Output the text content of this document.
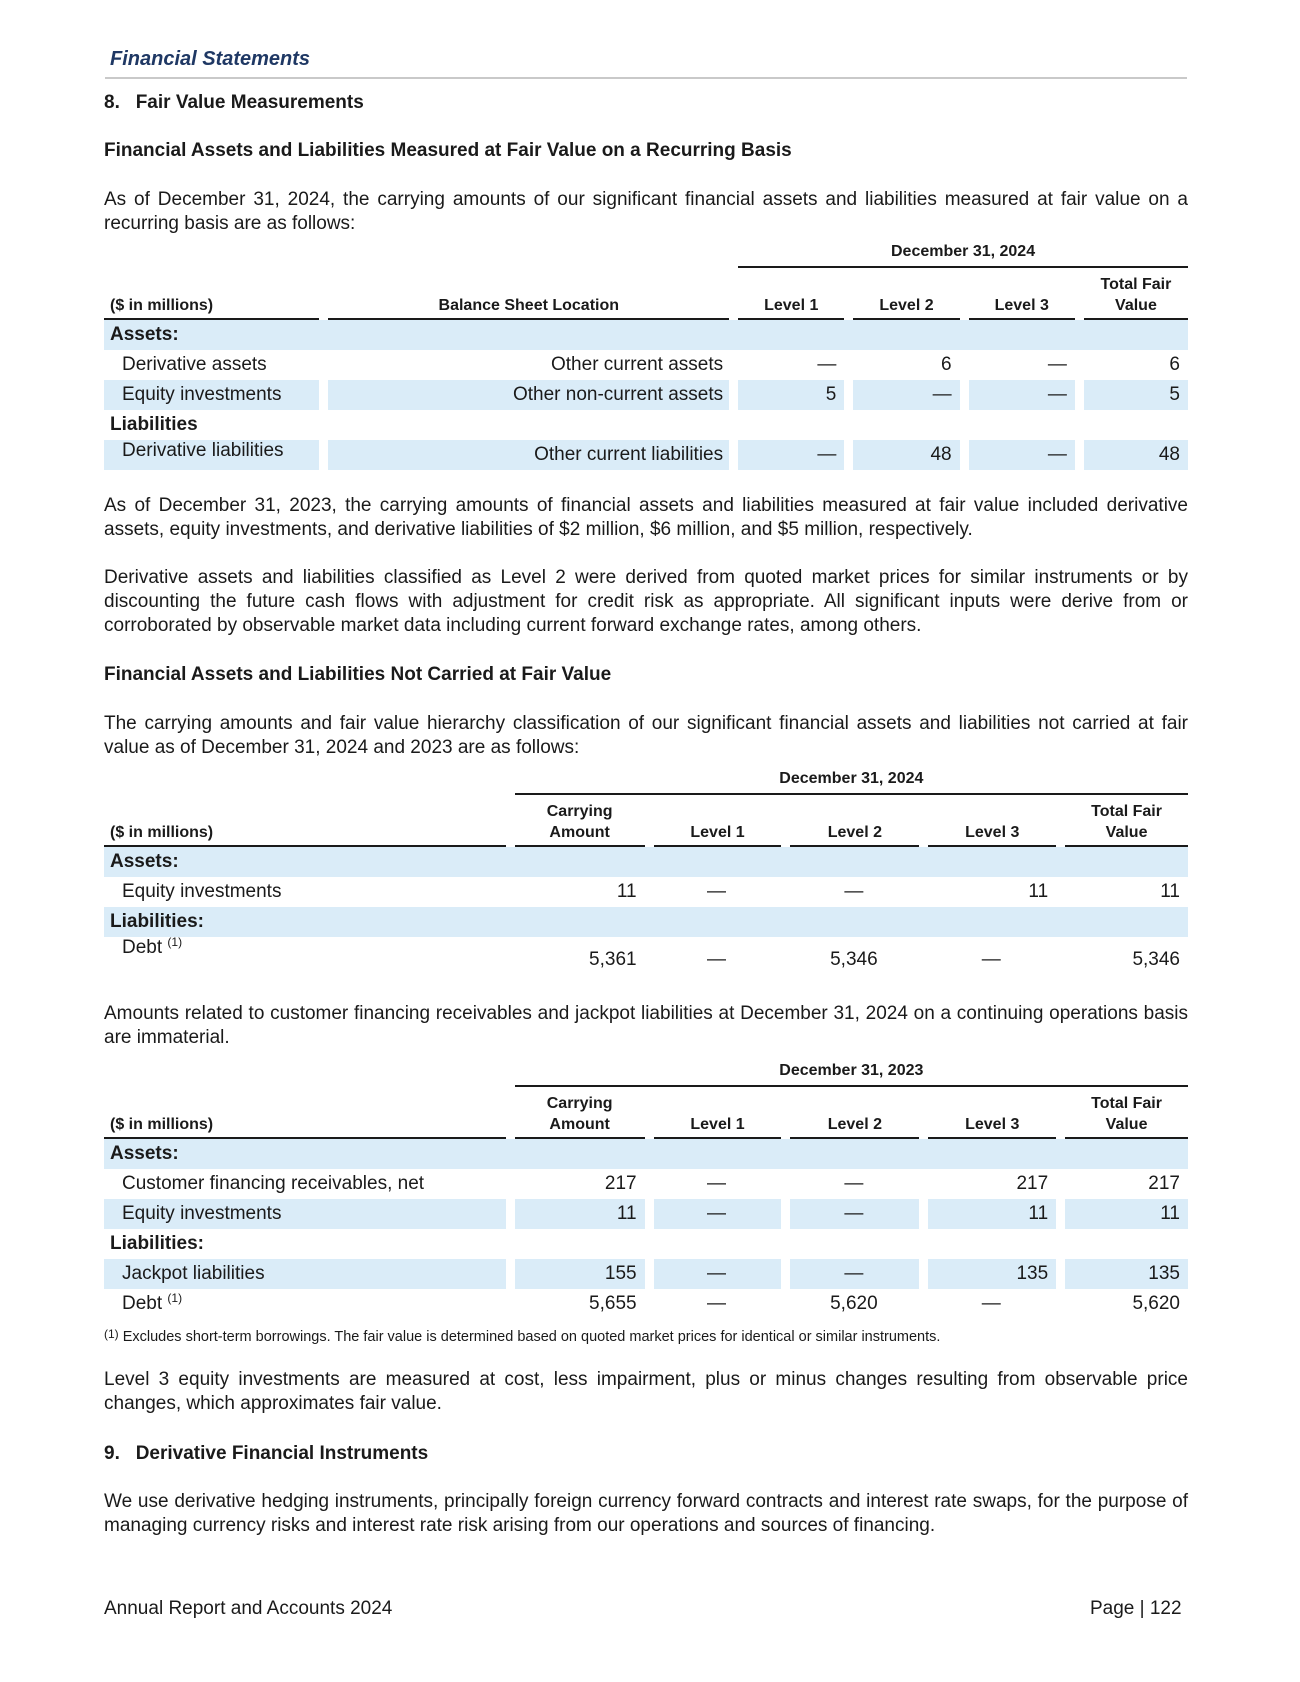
Financial Statements
8. Fair Value Measurements
Financial Assets and Liabilities Measured at Fair Value on a Recurring Basis
As of December 31, 2024, the carrying amounts of our significant financial assets and liabilities measured at fair value on a recurring basis are as follows:
		December 31, 2024			
($ in millions)	Balance Sheet Location	Level 1	Level 2	Level 3	Total Fair Value
Assets:					
Derivative assets	Other current assets	—	6	—	6
Equity investments	Other non-current assets	5	—	—	5
Liabilities					
Derivative liabilities	Other current liabilities	—	48	—	48
As of December 31, 2023, the carrying amounts of financial assets and liabilities measured at fair value included derivative assets, equity investments, and derivative liabilities of $2 million, $6 million, and $5 million, respectively.
Derivative assets and liabilities classified as Level 2 were derived from quoted market prices for similar instruments or by discounting the future cash flows with adjustment for credit risk as appropriate. All significant inputs were derive from or corroborated by observable market data including current forward exchange rates, among others.
Financial Assets and Liabilities Not Carried at Fair Value
The carrying amounts and fair value hierarchy classification of our significant financial assets and liabilities not carried at fair value as of December 31, 2024 and 2023 are as follows:
	December 31, 2024				
($ in millions)	Carrying Amount	Level 1	Level 2	Level 3	Total Fair Value
Assets:					
Equity investments	11	—	—	11	11
Liabilities:					
Debt $^{(1)}$	5,361	—	5,346	—	5,346
Amounts related to customer financing receivables and jackpot liabilities at December 31, 2024 on a continuing operations basis are immaterial.
	December 31, 2023				
($ in millions)	Carrying Amount	Level 1	Level 2	Level 3	Total Fair Value
Assets:					
Customer financing receivables, net	217	—	—	217	217
Equity investments	11	—	—	11	11
Liabilities:					
Jackpot liabilities	155	—	—	135	135
Debt $^{(1)}$	5,655	—	5,620	—	5,620
$^{(1)}$ Excludes short-term borrowings. The fair value is determined based on quoted market prices for identical or similar instruments.
Level 3 equity investments are measured at cost, less impairment, plus or minus changes resulting from observable price changes, which approximates fair value.
9. Derivative Financial Instruments
We use derivative hedging instruments, principally foreign currency forward contracts and interest rate swaps, for the purpose of managing currency risks and interest rate risk arising from our operations and sources of financing.
Annual Report and Accounts 2024	Page | 122
